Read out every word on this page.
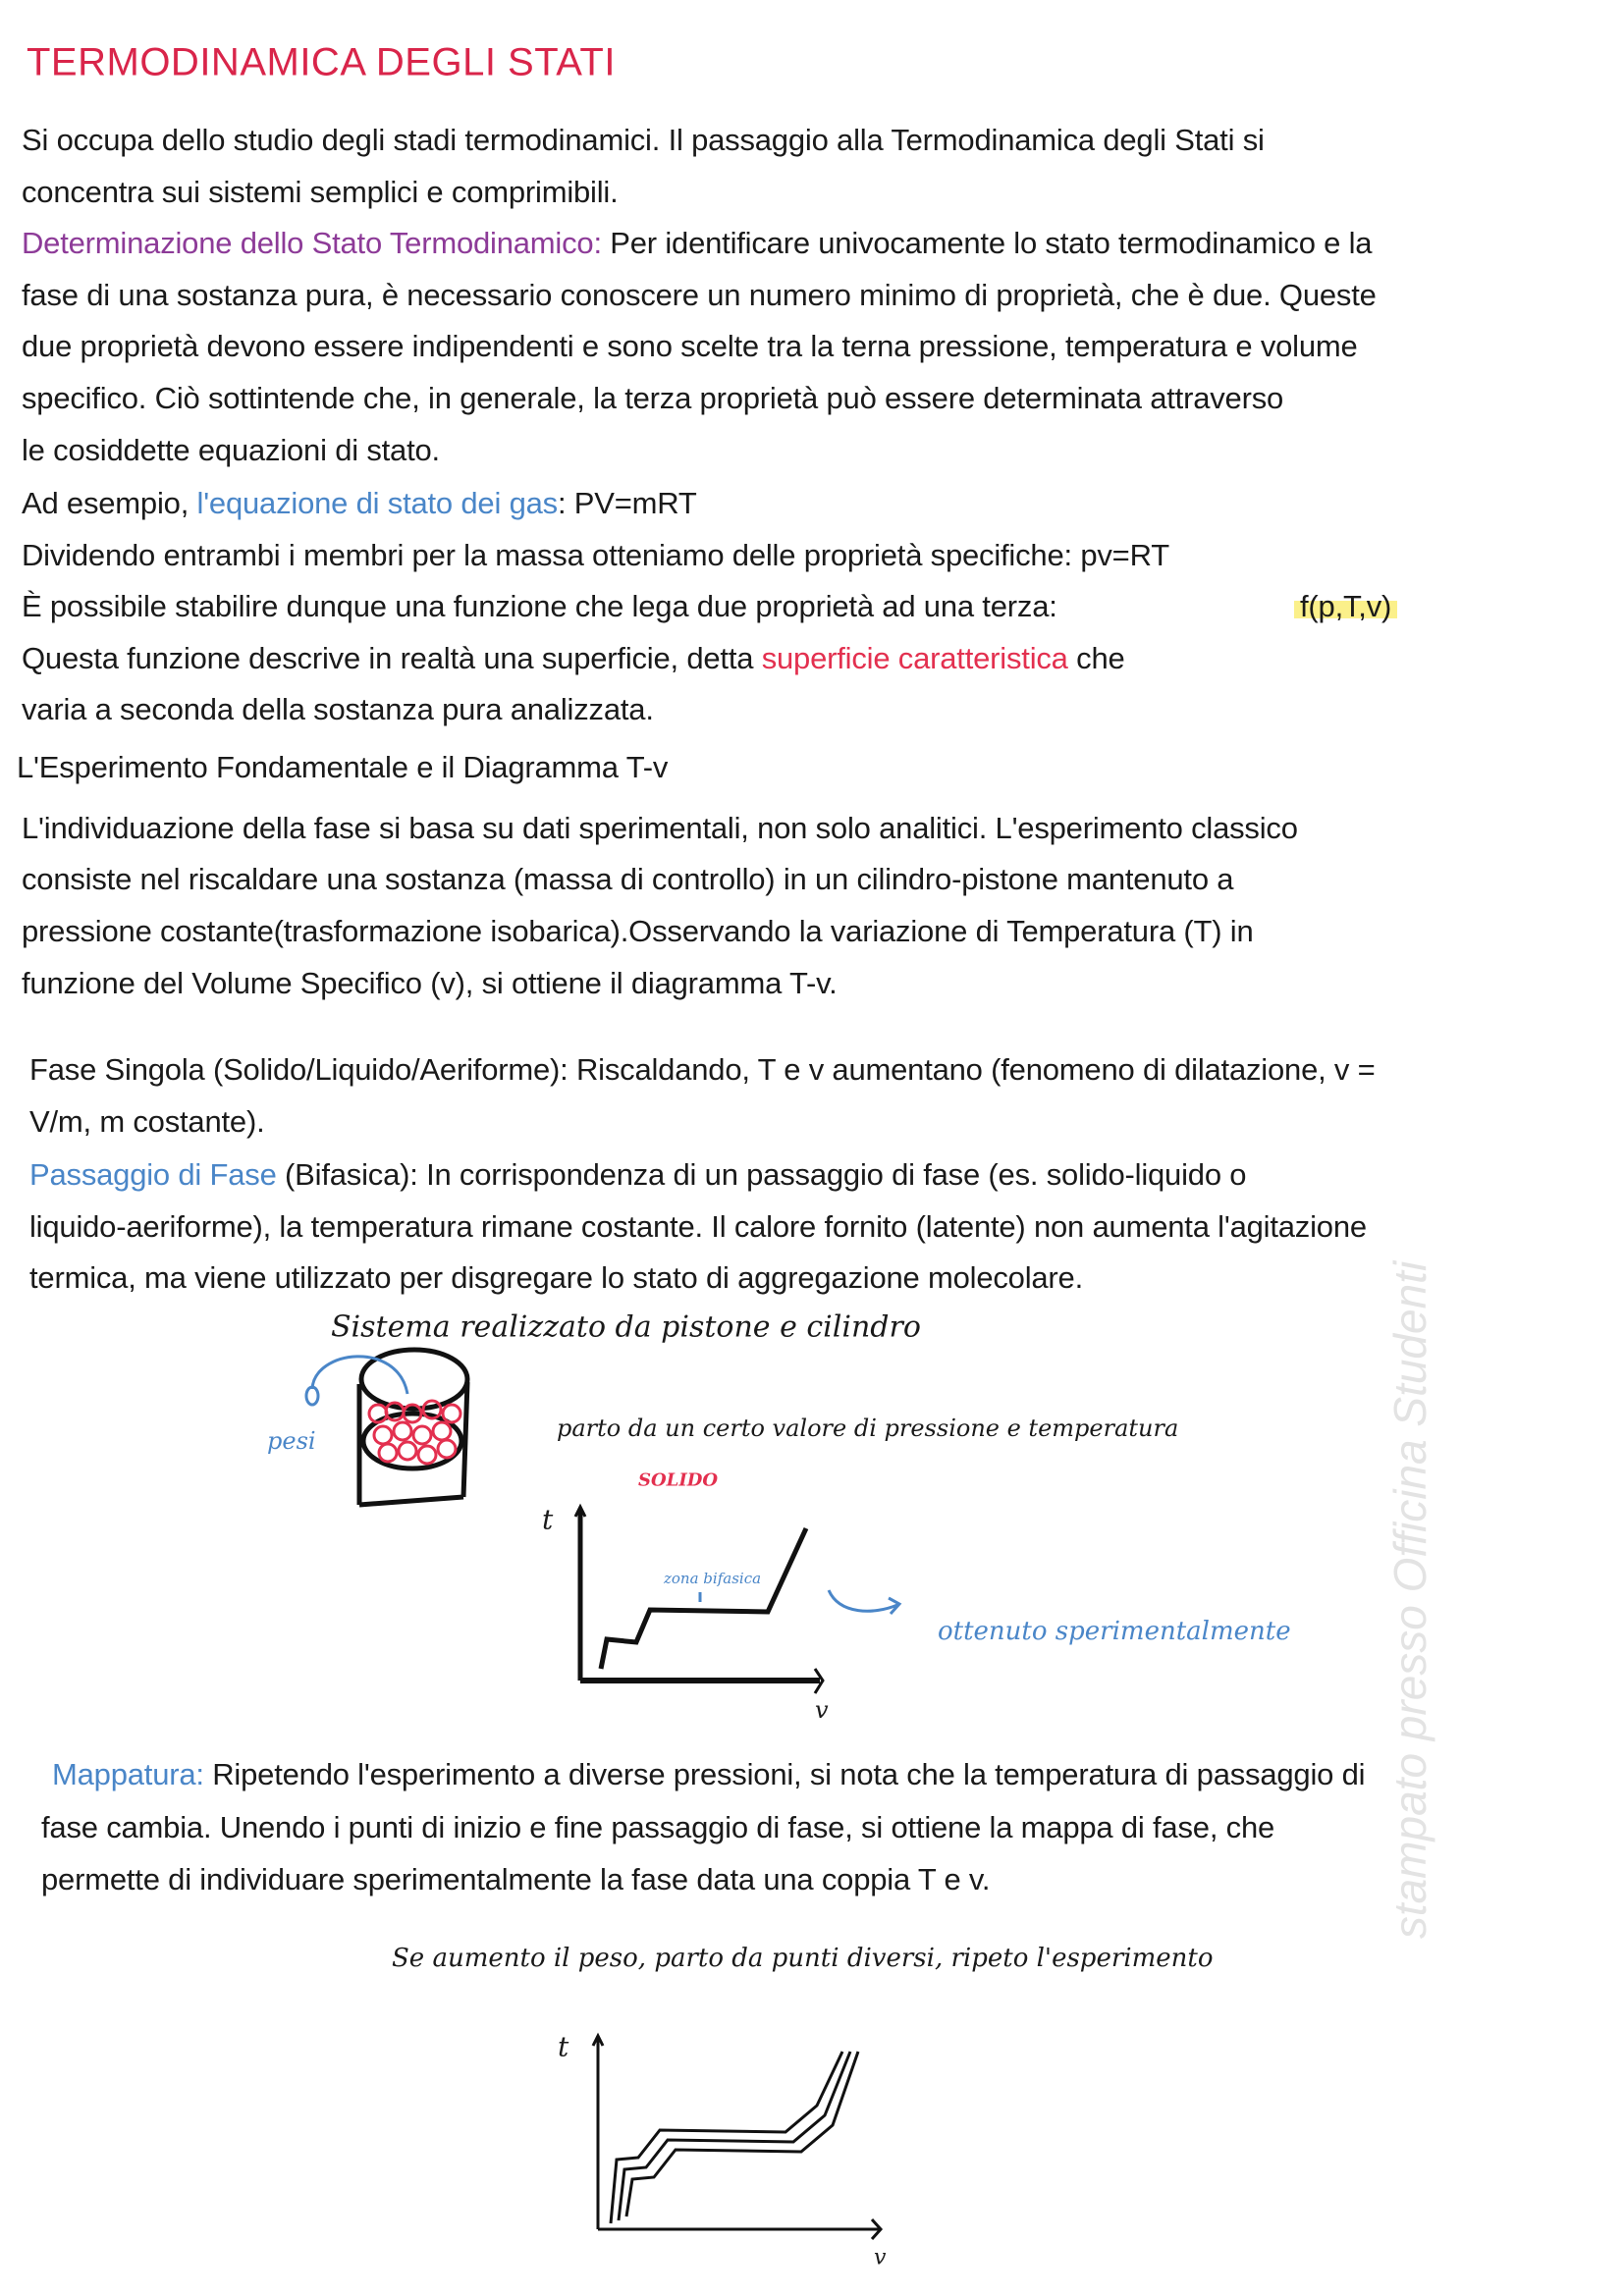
stampato presso Officina Studenti
TERMODINAMICA DEGLI STATI
Si occupa dello studio degli stadi termodinamici. Il passaggio alla Termodinamica degli Stati si
concentra sui sistemi semplici e comprimibili.
Determinazione dello Stato Termodinamico: Per identificare univocamente lo stato termodinamico e la
fase di una sostanza pura, è necessario conoscere un numero minimo di proprietà, che è due. Queste
due proprietà devono essere indipendenti e sono scelte tra la terna pressione, temperatura e volume
specifico. Ciò sottintende che, in generale, la terza proprietà può essere determinata attraverso
le cosiddette equazioni di stato.
Ad esempio, l'equazione di stato dei gas: PV=mRT
Dividendo entrambi i membri per la massa otteniamo delle proprietà specifiche: pv=RT
È possibile stabilire dunque una funzione che lega due proprietà ad una terza:	f(p,T,v)
Questa funzione descrive in realtà una superficie, detta superficie caratteristica che
varia a seconda della sostanza pura analizzata.
L'Esperimento Fondamentale e il Diagramma T-v
L'individuazione della fase si basa su dati sperimentali, non solo analitici. L'esperimento classico
consiste nel riscaldare una sostanza (massa di controllo) in un cilindro-pistone mantenuto a
pressione costante(trasformazione isobarica).Osservando la variazione di Temperatura (T) in
funzione del Volume Specifico (v), si ottiene il diagramma T-v.
Fase Singola (Solido/Liquido/Aeriforme): Riscaldando, T e v aumentano (fenomeno di dilatazione, v =
V/m, m costante).
Passaggio di Fase (Bifasica): In corrispondenza di un passaggio di fase (es. solido-liquido o
liquido-aeriforme), la temperatura rimane costante. Il calore fornito (latente) non aumenta l'agitazione
termica, ma viene utilizzato per disgregare lo stato di aggregazione molecolare.
Sistema realizzato da pistone e cilindro
pesi	parto da un certo valore di pressione e temperatura
SOLIDO
t
v
zona bifasica
ottenuto sperimentalmente
Mappatura: Ripetendo l'esperimento a diverse pressioni, si nota che la temperatura di passaggio di
fase cambia. Unendo i punti di inizio e fine passaggio di fase, si ottiene la mappa di fase, che
permette di individuare sperimentalmente la fase data una coppia T e v.
Se aumento il peso, parto da punti diversi, ripeto l'esperimento
t
v
